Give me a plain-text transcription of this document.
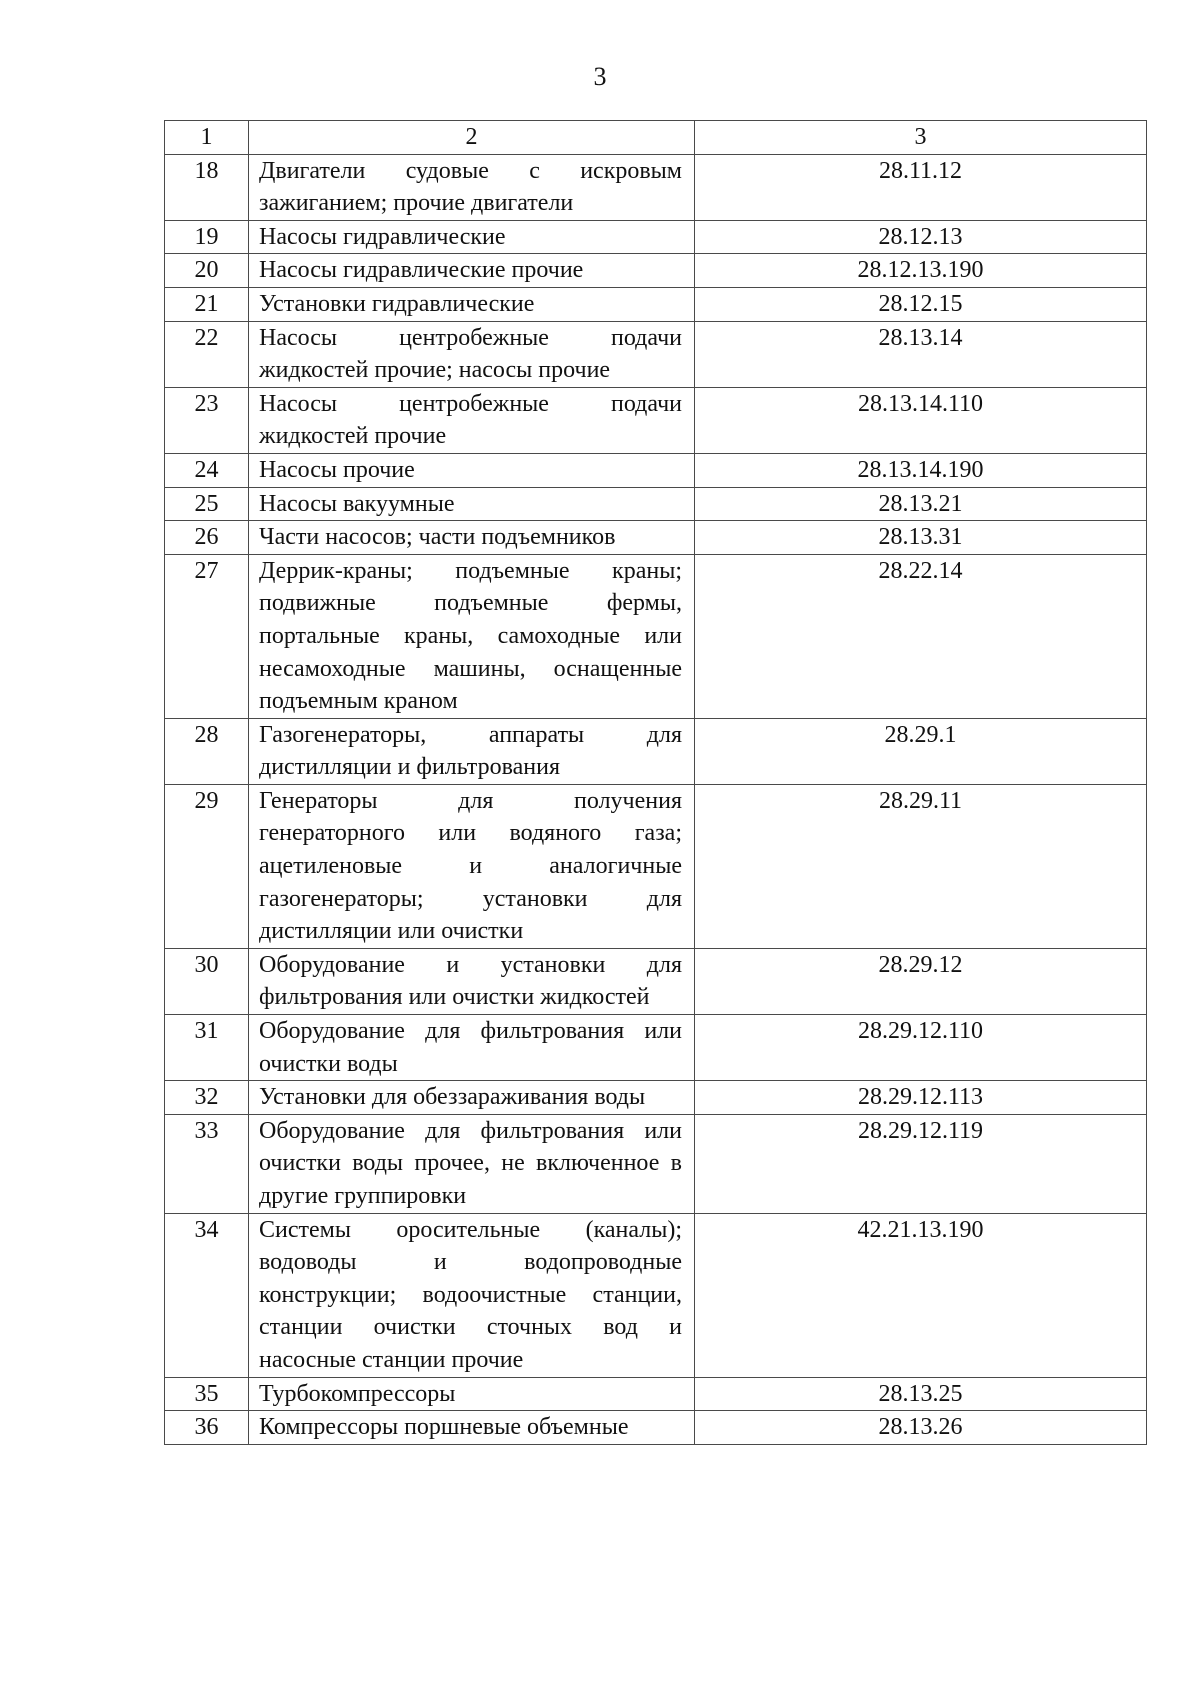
3
1	2	3
18	Двигатели судовые с искровым зажиганием; прочие двигатели	28.11.12
19	Насосы гидравлические	28.12.13
20	Насосы гидравлические прочие	28.12.13.190
21	Установки гидравлические	28.12.15
22	Насосы центробежные подачи жидкостей прочие; насосы прочие	28.13.14
23	Насосы центробежные подачи жидкостей прочие	28.13.14.110
24	Насосы прочие	28.13.14.190
25	Насосы вакуумные	28.13.21
26	Части насосов; части подъемников	28.13.31
27	Деррик-краны; подъемные краны; подвижные подъемные фермы, портальные краны, самоходные или несамоходные машины, оснащенные подъемным краном	28.22.14
28	Газогенераторы, аппараты для дистилляции и фильтрования	28.29.1
29	Генераторы для получения генераторного или водяного газа; ацетиленовые и аналогичные газогенераторы; установки для дистилляции или очистки	28.29.11
30	Оборудование и установки для фильтрования или очистки жидкостей	28.29.12
31	Оборудование для фильтрования или очистки воды	28.29.12.110
32	Установки для обеззараживания воды	28.29.12.113
33	Оборудование для фильтрования или очистки воды прочее, не включенное в другие группировки	28.29.12.119
34	Системы оросительные (каналы); водоводы и водопроводные конструкции; водоочистные станции, станции очистки сточных вод и насосные станции прочие	42.21.13.190
35	Турбокомпрессоры	28.13.25
36	Компрессоры поршневые объемные	28.13.26
